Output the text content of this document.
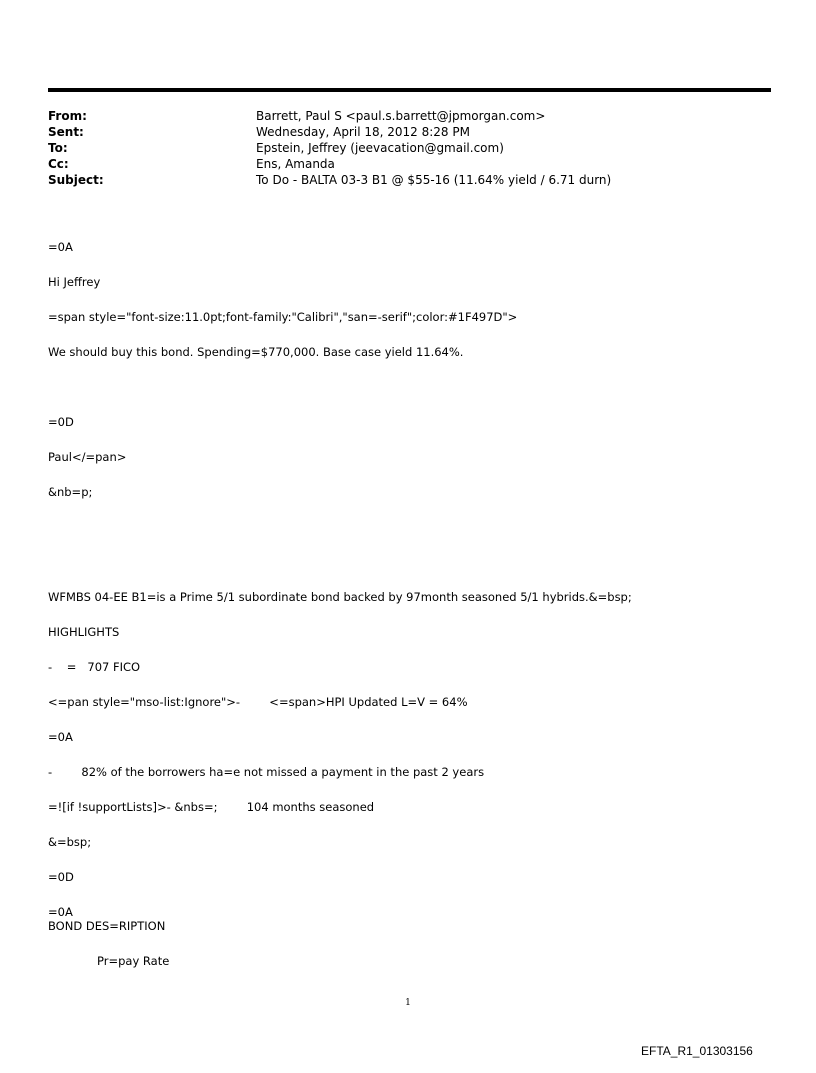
From:	Barrett, Paul S <paul.s.barrett@jpmorgan.com>
Sent:	Wednesday, April 18, 2012 8:28 PM
To:	Epstein, Jeffrey (jeevacation@gmail.com)
Cc:	Ens, Amanda
Subject:	To Do - BALTA 03-3 B1 @ $55-16 (11.64% yield / 6.71 durn)
=0A
Hi Jeffrey
=span style="font-size:11.0pt;font-family:"Calibri","san=-serif";color:#1F497D">
We should buy this bond. Spending=$770,000. Base case yield 11.64%.
=0D
Paul</=pan>
&nb=p;
WFMBS 04-EE B1=is a Prime 5/1 subordinate bond backed by 97month seasoned 5/1 hybrids.&=bsp;
HIGHLIGHTS
-    =   707 FICO
<=pan style="mso-list:Ignore">-        <=span>HPI Updated L=V = 64%
=0A
-        82% of the borrowers ha=e not missed a payment in the past 2 years
=![if !supportLists]>- &nbs=;        104 months seasoned
&=bsp;
=0D
=0A
BOND DES=RIPTION
Pr=pay Rate
1
EFTA_R1_01303156
